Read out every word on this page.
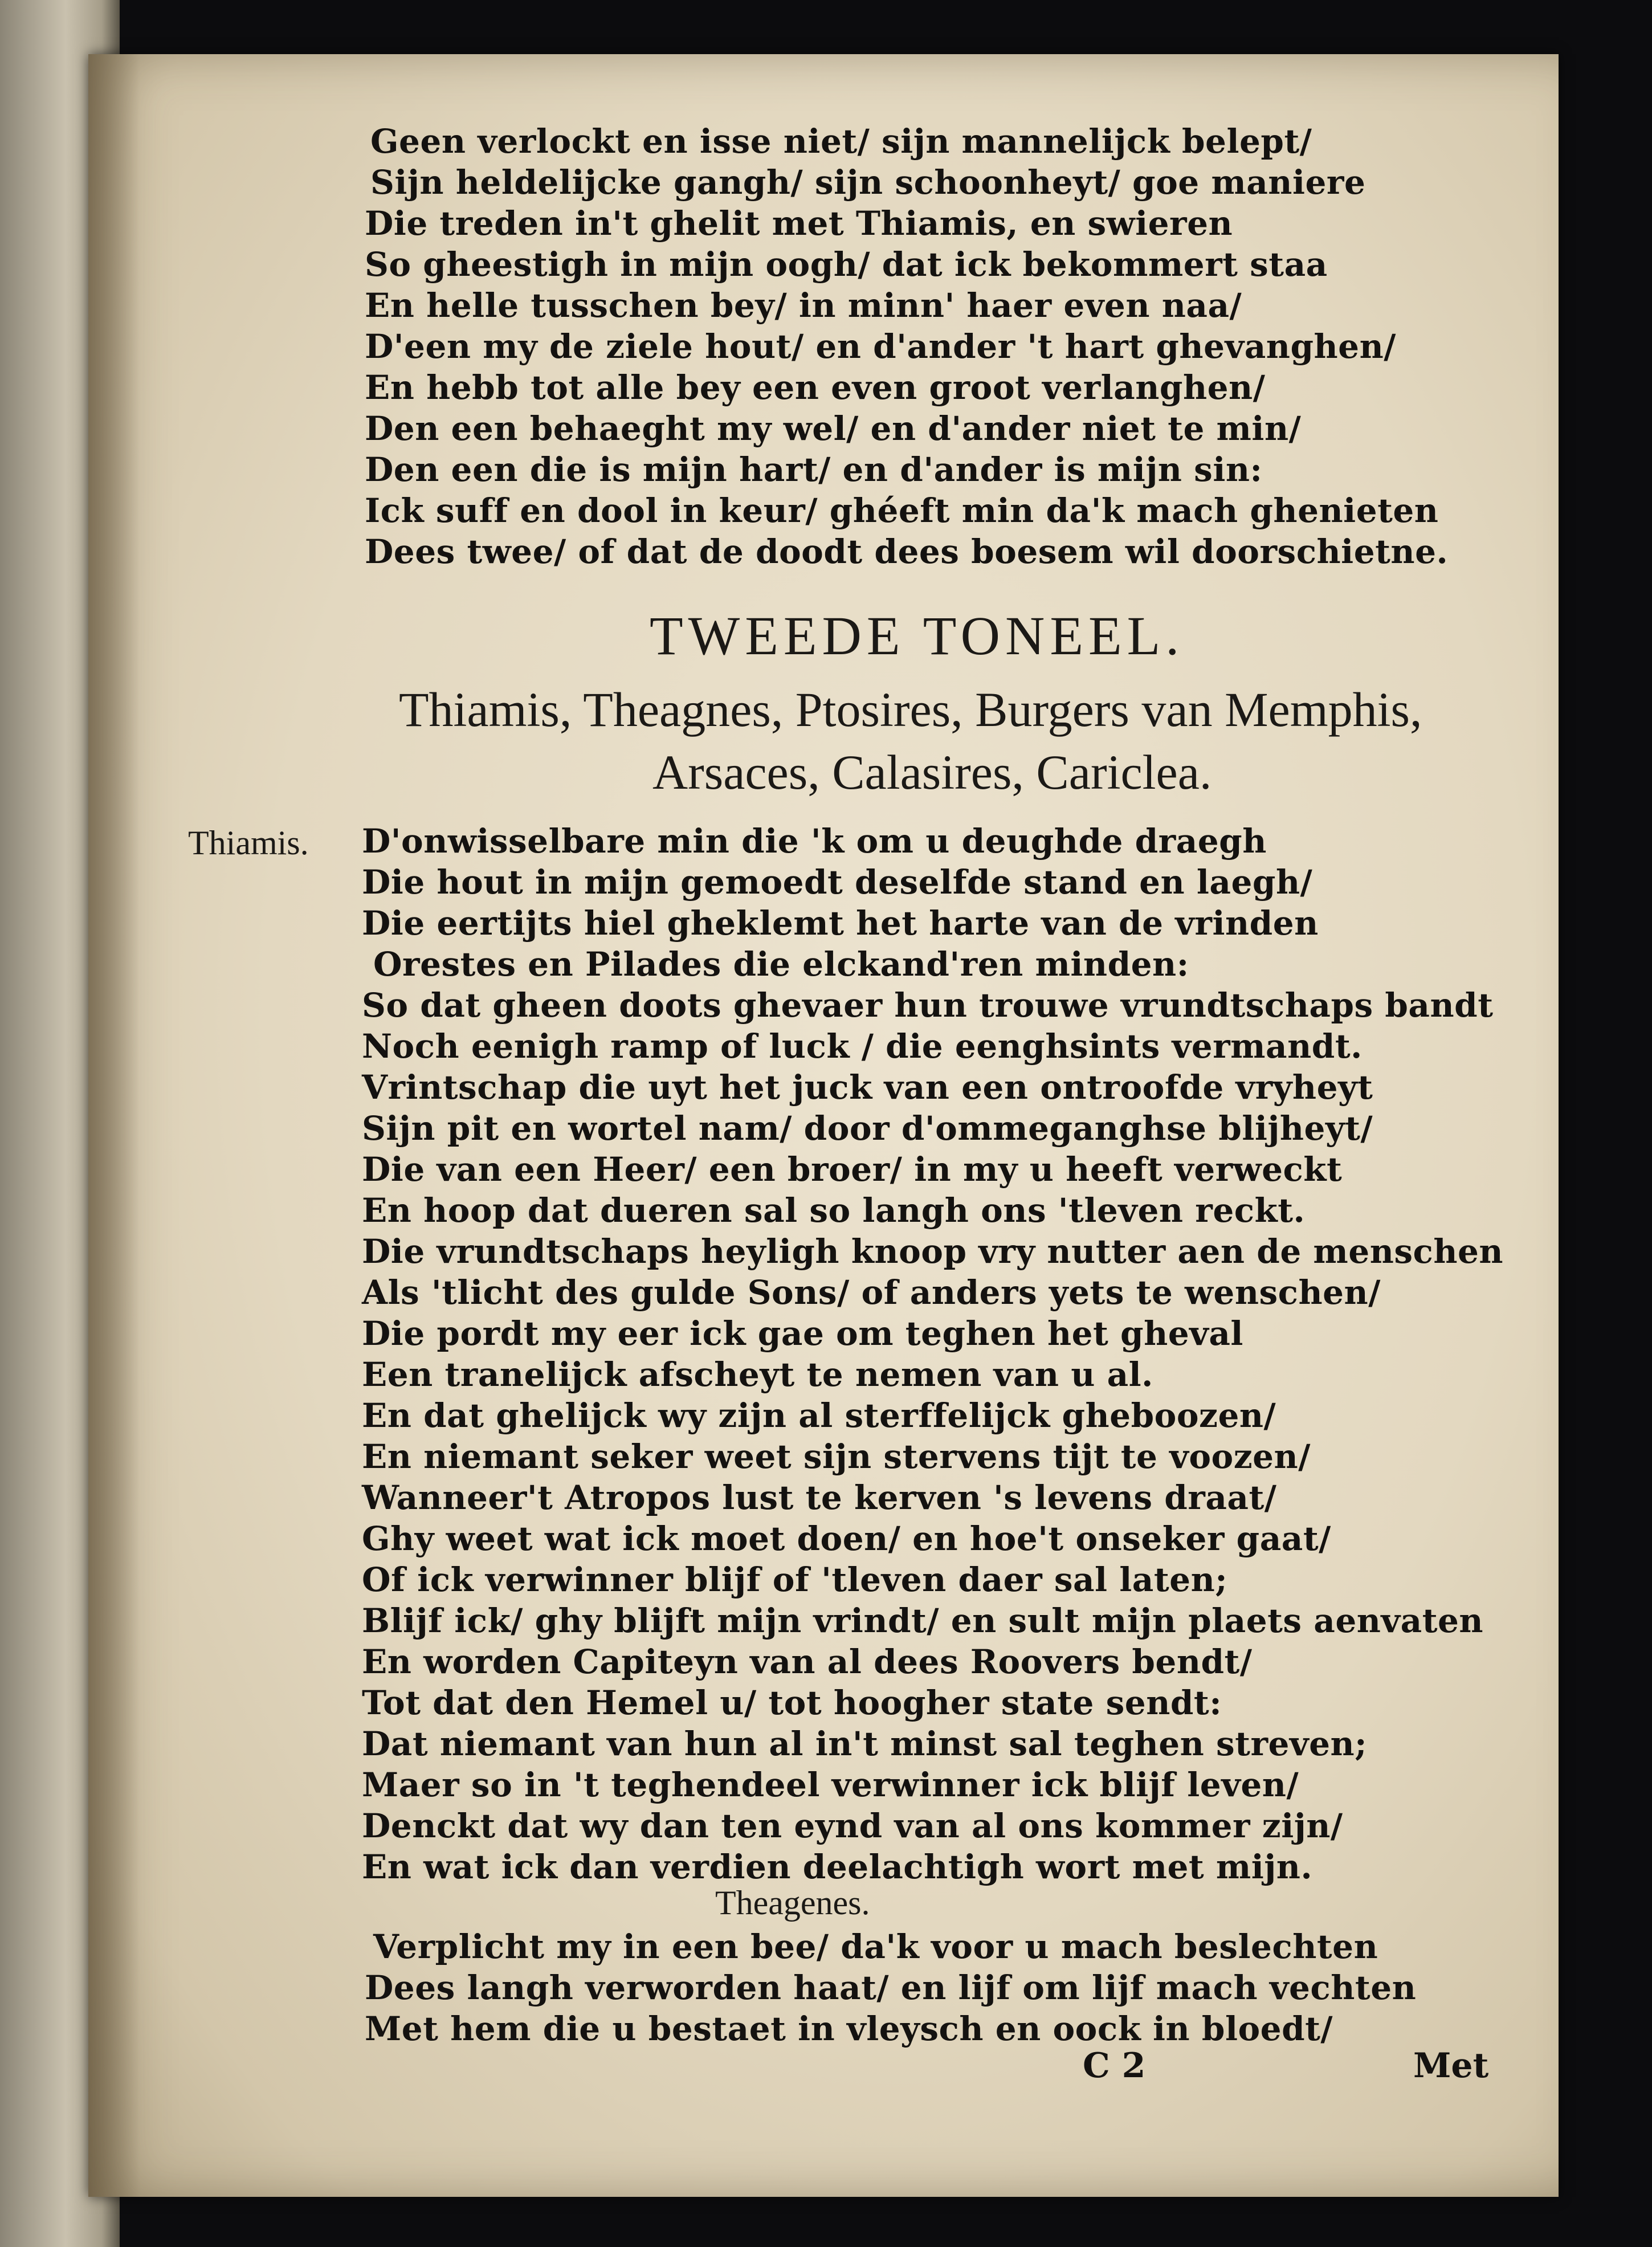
Geen verlockt en isse niet/ sijn mannelijck belept/
Sijn heldelijcke gangh/ sijn schoonheyt/ goe maniere
Die treden in't ghelit met Thiamis, en swieren
So gheestigh in mijn oogh/ dat ick bekommert staa
En helle tusschen bey/ in minn' haer even naa/
D'een my de ziele hout/ en d'ander 't hart ghevanghen/
En hebb tot alle bey een even groot verlanghen/
Den een behaeght my wel/ en d'ander niet te min/
Den een die is mijn hart/ en d'ander is mijn sin:
Ick suff en dool in keur/ ghéeft min da'k mach ghenieten
Dees twee/ of dat de doodt dees boesem wil doorschietne.
TWEEDE TONEEL.
Thiamis, Theagnes, Ptosires, Burgers van Memphis,
Arsaces, Calasires, Cariclea.
Thiamis. D'onwisselbare min die 'k om u deughde draegh
Die hout in mijn gemoedt deselfde stand en laegh/
Die eertijts hiel gheklemt het harte van de vrinden
Orestes en Pilades die elckand'ren minden:
So dat gheen doots ghevaer hun trouwe vrundtschaps bandt
Noch eenigh ramp of luck / die eenghsints vermandt.
Vrintschap die uyt het juck van een ontroofde vryheyt
Sijn pit en wortel nam/ door d'ommeganghse blijheyt/
Die van een Heer/ een broer/ in my u heeft verweckt
En hoop dat dueren sal so langh ons 'tleven reckt.
Die vrundtschaps heyligh knoop vry nutter aen de menschen
Als 'tlicht des gulde Sons/ of anders yets te wenschen/
Die pordt my eer ick gae om teghen het gheval
Een tranelijck afscheyt te nemen van u al.
En dat ghelijck wy zijn al sterffelijck gheboozen/
En niemant seker weet sijn stervens tijt te voozen/
Wanneer't Atropos lust te kerven 's levens draat/
Ghy weet wat ick moet doen/ en hoe't onseker gaat/
Of ick verwinner blijf of 'tleven daer sal laten;
Blijf ick/ ghy blijft mijn vrindt/ en sult mijn plaets aenvaten
En worden Capiteyn van al dees Roovers bendt/
Tot dat den Hemel u/ tot hoogher state sendt:
Dat niemant van hun al in't minst sal teghen streven;
Maer so in 't teghendeel verwinner ick blijf leven/
Denckt dat wy dan ten eynd van al ons kommer zijn/
En wat ick dan verdien deelachtigh wort met mijn.
Theagenes.
Verplicht my in een bee/ da'k voor u mach beslechten
Dees langh verworden haat/ en lijf om lijf mach vechten
Met hem die u bestaet in vleysch en oock in bloedt/
C 2	Met
